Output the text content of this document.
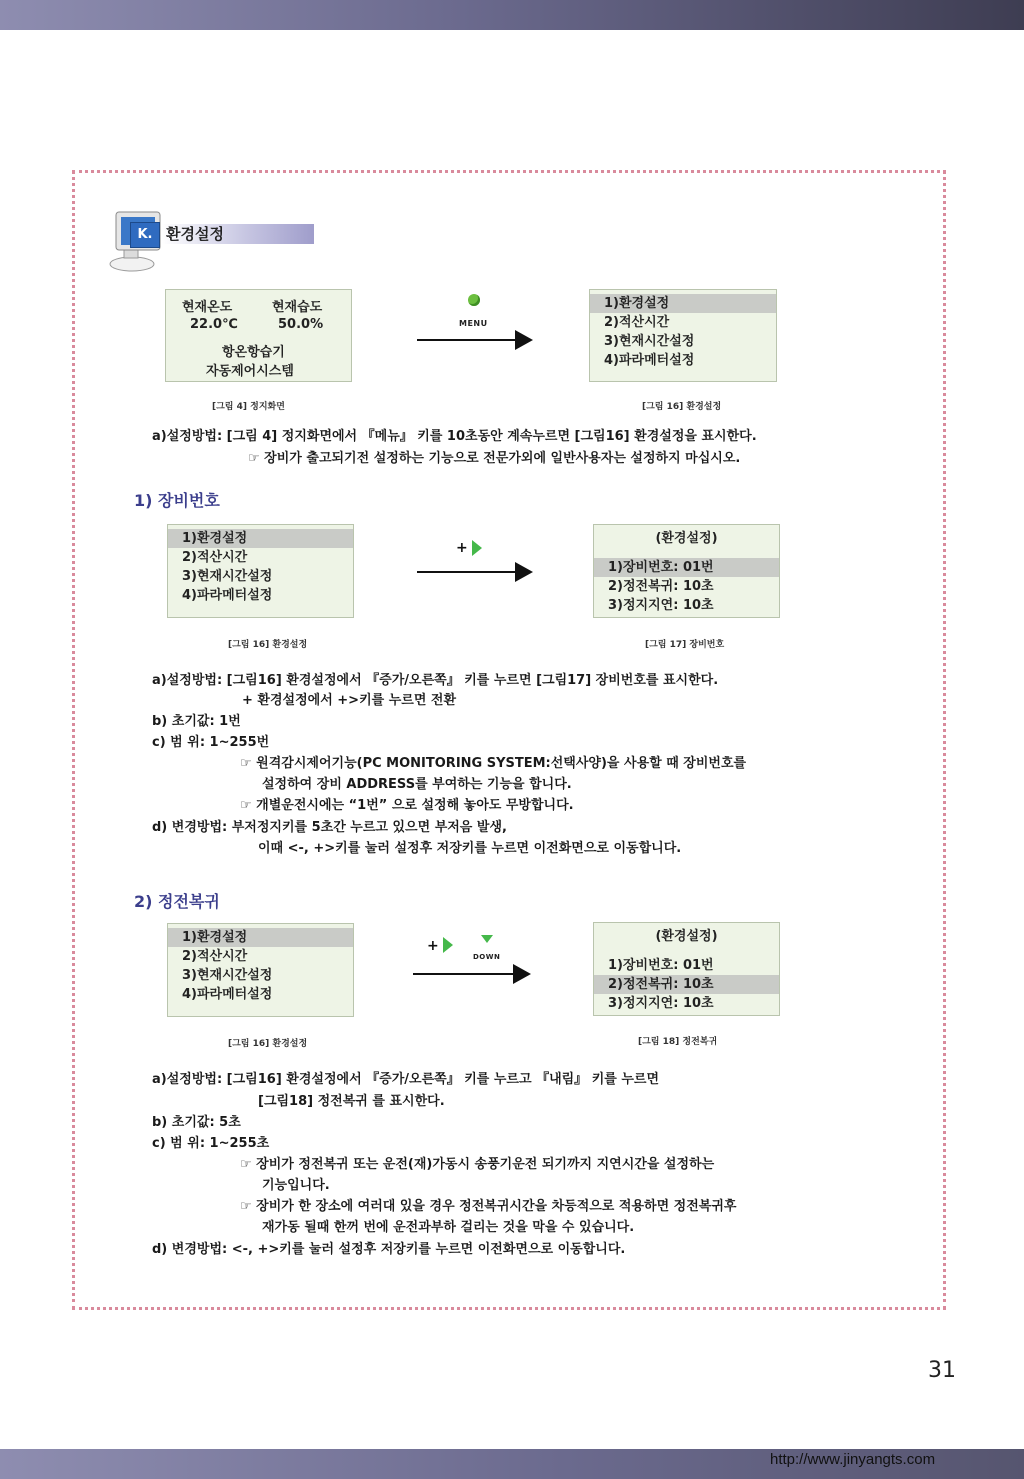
K. 환경설정
현재온도	현재습도
22.0℃	50.0%
항온항습기
자동제어시스템
[그림 4] 정지화면
MENU
1)환경설정
2)적산시간
3)현재시간설정
4)파라메터설정
[그림 16] 환경설정
a)설정방법: [그림 4] 정지화면에서 『메뉴』 키를 10초동안 계속누르면 [그림16] 환경설정을 표시한다.
☞ 장비가 출고되기전 설정하는 기능으로 전문가외에 일반사용자는 설정하지 마십시오.
1) 장비번호
1)환경설정
2)적산시간
3)현재시간설정
4)파라메터설정
[그림 16] 환경설정
+
(환경설정)
1)장비번호: 01번
2)정전복귀: 10초
3)정지지연: 10초
[그림 17] 장비번호
a)설정방법: [그림16] 환경설정에서 『증가/오른쪽』 키를 누르면 [그림17] 장비번호를 표시한다.
+ 환경설정에서 +>키를 누르면 전환
b) 초기값: 1번
c) 범 위: 1~255번
☞ 원격감시제어기능(PC MONITORING SYSTEM:선택사양)을 사용할 때 장비번호를
설정하여 장비 ADDRESS를 부여하는 기능을 합니다.
☞ 개별운전시에는 “1번” 으로 설정해 놓아도 무방합니다.
d) 변경방법: 부저정지키를 5초간 누르고 있으면 부저음 발생,
이때 <-, +>키를 눌러 설정후 저장키를 누르면 이전화면으로 이동합니다.
2) 정전복귀
1)환경설정
2)적산시간
3)현재시간설정
4)파라메터설정
[그림 16] 환경설정
+
DOWN
(환경설정)
1)장비번호: 01번
2)정전복귀: 10초
3)정지지연: 10초
[그림 18] 정전복귀
a)설정방법: [그림16] 환경설정에서 『증가/오른쪽』 키를 누르고 『내림』 키를 누르면
[그림18] 정전복귀 를 표시한다.
b) 초기값: 5초
c) 범 위: 1~255초
☞ 장비가 정전복귀 또는 운전(재)가동시 송풍기운전 되기까지 지연시간을 설정하는
기능입니다.
☞ 장비가 한 장소에 여러대 있을 경우 정전복귀시간을 차등적으로 적용하면 정전복귀후
재가동 될때 한꺼 번에 운전과부하 걸리는 것을 막을 수 있습니다.
d) 변경방법: <-, +>키를 눌러 설정후 저장키를 누르면 이전화면으로 이동합니다.
31
http://www.jinyangts.com
